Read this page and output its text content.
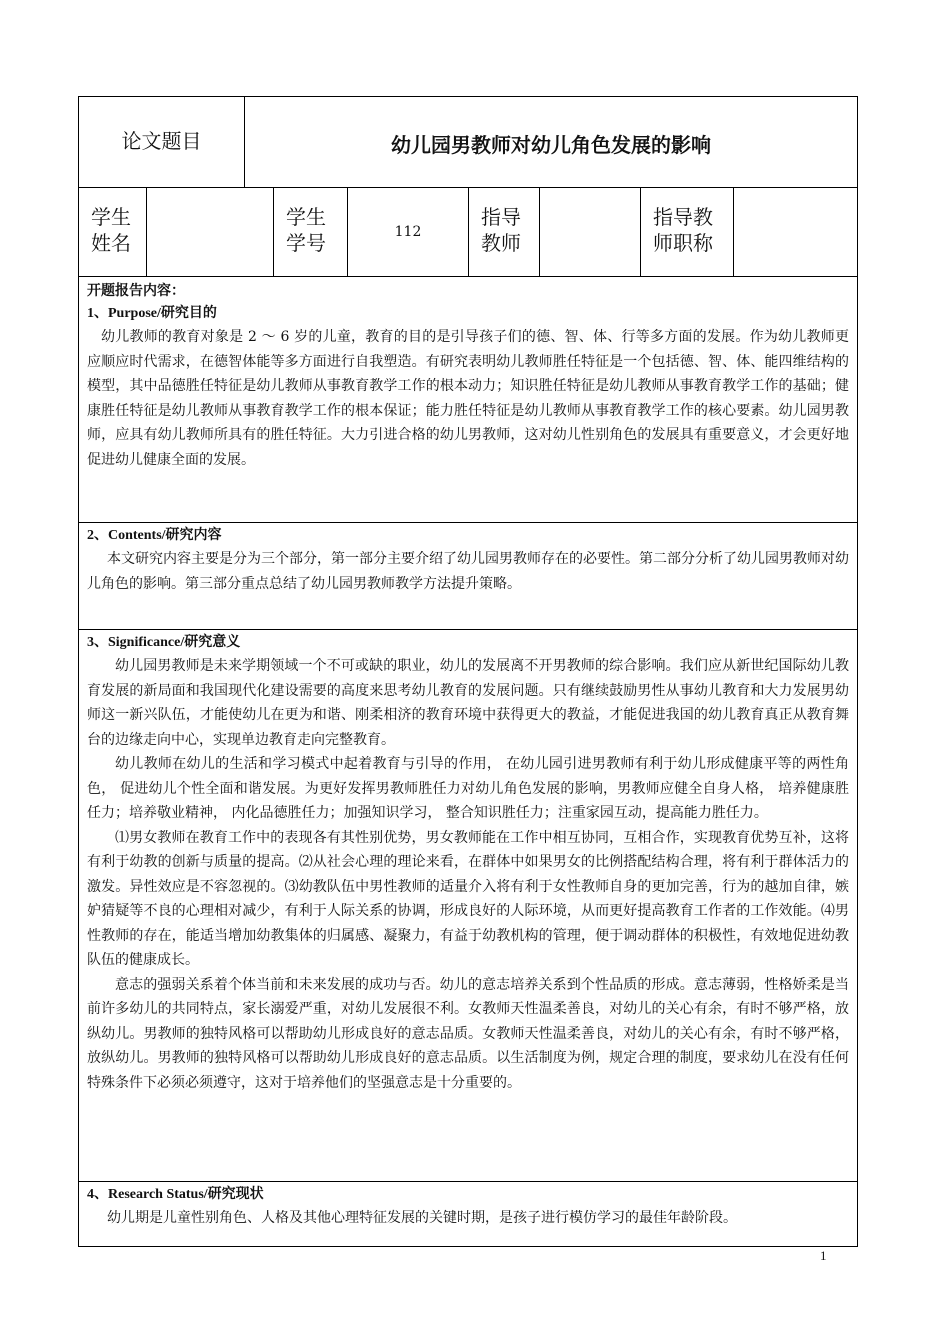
论文题目	幼儿园男教师对幼儿角色发展的影响
学生
姓名
学生
学号	112
指导
教师
指导教
师职称
开题报告内容：
1、Purpose/研究目的

幼儿教师的教育对象是 2 ～ 6 岁的儿童，教育的目的是引导孩子们的德、智、体、行等多方面的发展。作为幼儿教师更应顺应时代需求，在德智体能等多方面进行自我塑造。有研究表明幼儿教师胜任特征是一个包括德、智、体、能四维结构的模型，其中品德胜任特征是幼儿教师从事教育教学工作的根本动力；知识胜任特征是幼儿教师从事教育教学工作的基础；健康胜任特征是幼儿教师从事教育教学工作的根本保证；能力胜任特征是幼儿教师从事教育教学工作的核心要素。幼儿园男教师，应具有幼儿教师所具有的胜任特征。大力引进合格的幼儿男教师，这对幼儿性别角色的发展具有重要意义，才会更好地促进幼儿健康全面的发展。

2、Contents/研究内容

本文研究内容主要是分为三个部分，第一部分主要介绍了幼儿园男教师存在的必要性。第二部分分析了幼儿园男教师对幼儿角色的影响。第三部分重点总结了幼儿园男教师教学方法提升策略。

3、Significance/研究意义

幼儿园男教师是未来学期领域一个不可或缺的职业，幼儿的发展离不开男教师的综合影响。我们应从新世纪国际幼儿教育发展的新局面和我国现代化建设需要的高度来思考幼儿教育的发展问题。只有继续鼓励男性从事幼儿教育和大力发展男幼师这一新兴队伍，才能使幼儿在更为和谐、刚柔相济的教育环境中获得更大的教益，才能促进我国的幼儿教育真正从教育舞台的边缘走向中心，实现单边教育走向完整教育。

幼儿教师在幼儿的生活和学习模式中起着教育与引导的作用， 在幼儿园引进男教师有利于幼儿形成健康平等的两性角色， 促进幼儿个性全面和谐发展。为更好发挥男教师胜任力对幼儿角色发展的影响，男教师应健全自身人格， 培养健康胜任力；培养敬业精神， 内化品德胜任力；加强知识学习， 整合知识胜任力；注重家园互动，提高能力胜任力。

⑴男女教师在教育工作中的表现各有其性别优势，男女教师能在工作中相互协同，互相合作，实现教育优势互补，这将有利于幼教的创新与质量的提高。⑵从社会心理的理论来看，在群体中如果男女的比例搭配结构合理，将有利于群体活力的激发。异性效应是不容忽视的。⑶幼教队伍中男性教师的适量介入将有利于女性教师自身的更加完善，行为的越加自律，嫉妒猜疑等不良的心理相对减少，有利于人际关系的协调，形成良好的人际环境，从而更好提高教育工作者的工作效能。⑷男性教师的存在，能适当增加幼教集体的归属感、凝聚力，有益于幼教机构的管理，便于调动群体的积极性，有效地促进幼教队伍的健康成长。

意志的强弱关系着个体当前和未来发展的成功与否。幼儿的意志培养关系到个性品质的形成。意志薄弱，性格娇柔是当前许多幼儿的共同特点，家长溺爱严重，对幼儿发展很不利。女教师天性温柔善良，对幼儿的关心有余，有时不够严格，放纵幼儿。男教师的独特风格可以帮助幼儿形成良好的意志品质。女教师天性温柔善良，对幼儿的关心有余，有时不够严格，放纵幼儿。男教师的独特风格可以帮助幼儿形成良好的意志品质。以生活制度为例，规定合理的制度，要求幼儿在没有任何特殊条件下必须必须遵守，这对于培养他们的坚强意志是十分重要的。

4、Research Status/研究现状

幼儿期是儿童性别角色、人格及其他心理特征发展的关键时期，是孩子进行模仿学习的最佳年龄阶段。

1
